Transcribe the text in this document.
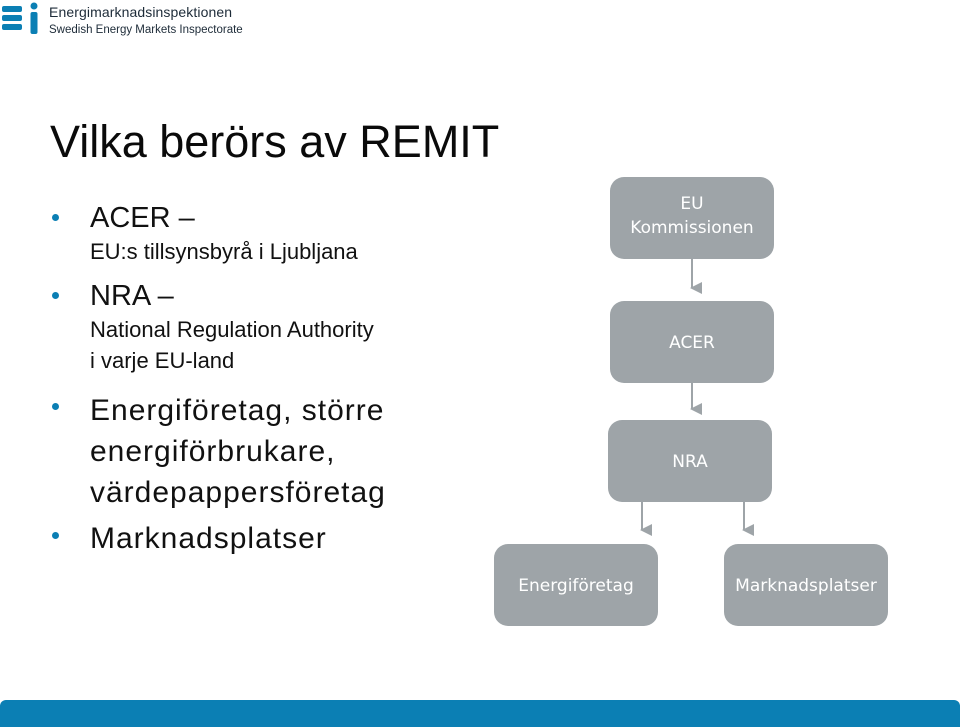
Energimarknadsinspektionen
Swedish Energy Markets Inspectorate
Vilka berörs av REMIT
ACER –
EU:s tillsynsbyrå i Ljubljana
NRA –
National Regulation Authority
i varje EU-land
Energiföretag, större
energiförbrukare,
värdepappersföretag
Marknadsplatser
EU
Kommissionen
ACER
NRA
Energiföretag	Marknadsplatser
